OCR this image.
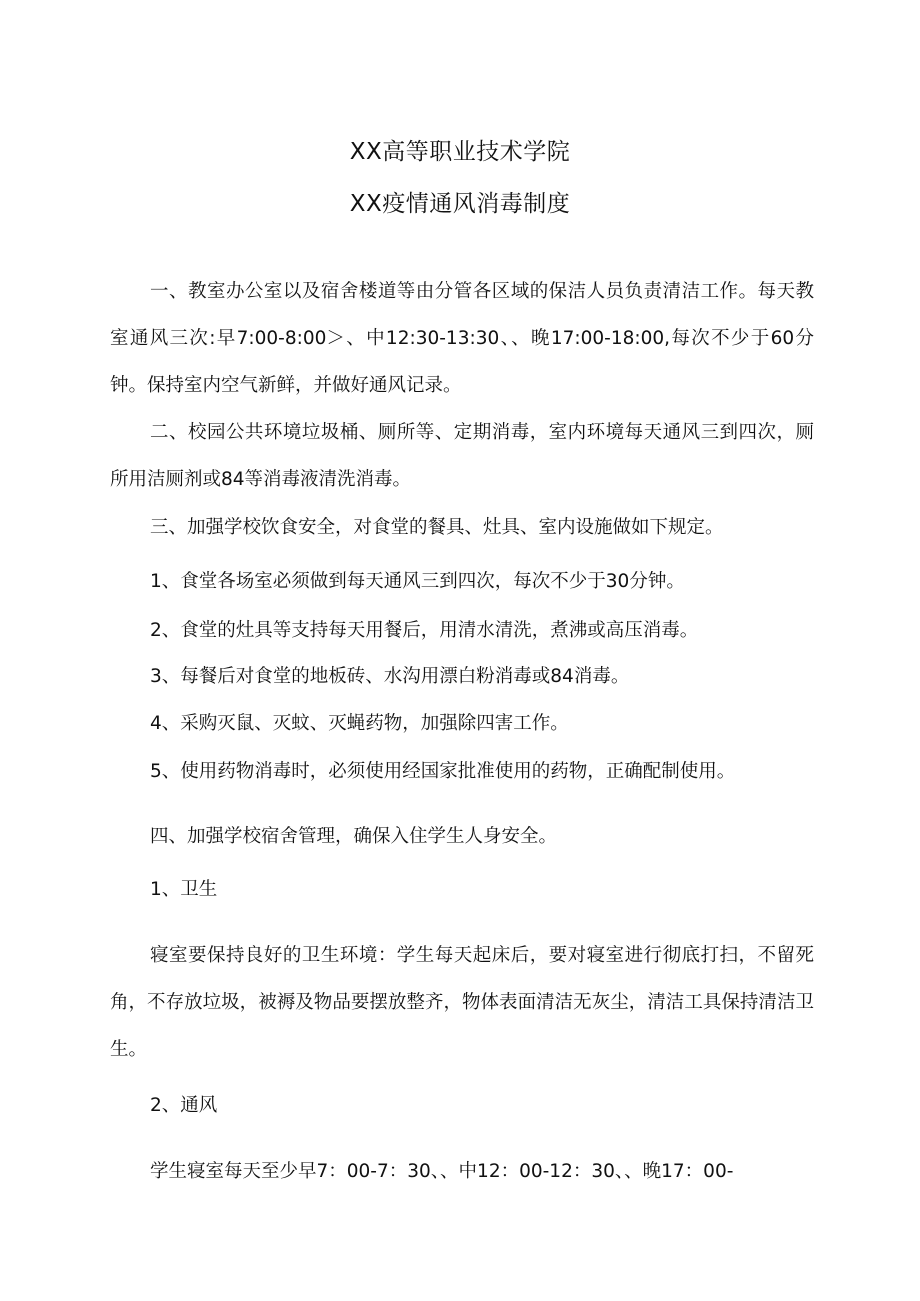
XX高等职业技术学院
XX疫情通风消毒制度

一、教室办公室以及宿舍楼道等由分管各区域的保洁人员负责清洁工作。每天教室通风三次:早7:00-8:00＞、中12:30-13:30、、晚17:00-18:00,每次不少于60分钟。保持室内空气新鲜，并做好通风记录。

二、校园公共环境垃圾桶、厕所等、定期消毒，室内环境每天通风三到四次，厕所用洁厕剂或84等消毒液清洗消毒。

三、加强学校饮食安全，对食堂的餐具、灶具、室内设施做如下规定。

1、食堂各场室必须做到每天通风三到四次，每次不少于30分钟。

2、食堂的灶具等支持每天用餐后，用清水清洗，煮沸或高压消毒。

3、每餐后对食堂的地板砖、水沟用漂白粉消毒或84消毒。

4、采购灭鼠、灭蚊、灭蝇药物，加强除四害工作。

5、使用药物消毒时，必须使用经国家批准使用的药物，正确配制使用。

四、加强学校宿舍管理，确保入住学生人身安全。

1、卫生

寝室要保持良好的卫生环境：学生每天起床后，要对寝室进行彻底打扫，不留死角，不存放垃圾，被褥及物品要摆放整齐，物体表面清洁无灰尘，清洁工具保持清洁卫生。

2、通风

学生寝室每天至少早7：00-7：30、、中12：00-12：30、、晚17：00-
